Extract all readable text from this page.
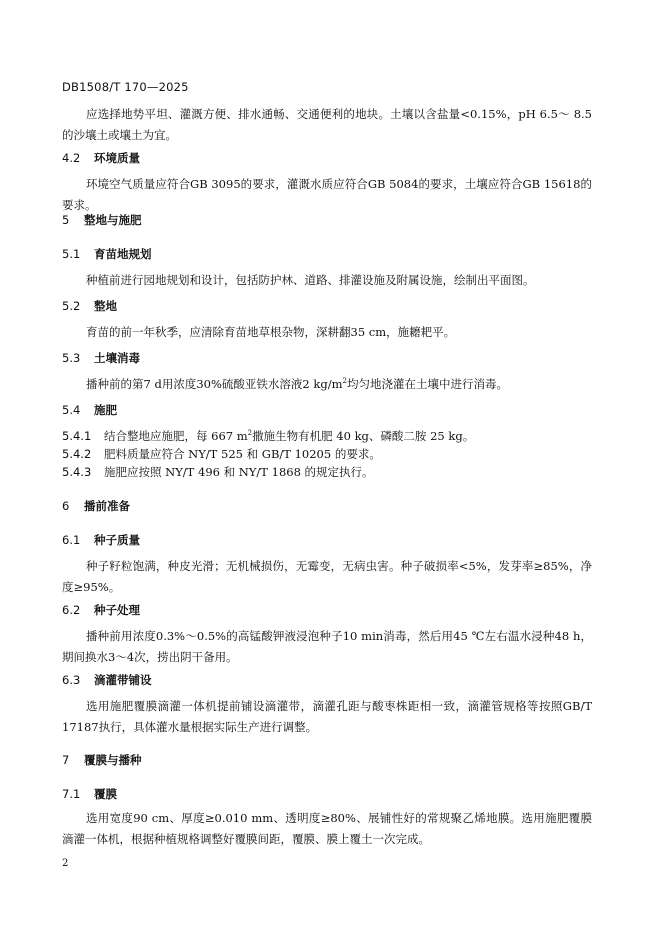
DB1508/T 170—2025
应选择地势平坦、灌溉方便、排水通畅、交通便利的地块。土壤以含盐量<0.15%，pH 6.5～ 8.5的沙壤土或壤土为宜。
4.2 环境质量
环境空气质量应符合GB 3095的要求，灌溉水质应符合GB 5084的要求，土壤应符合GB 15618的要求。
5 整地与施肥
5.1 育苗地规划
种植前进行园地规划和设计，包括防护林、道路、排灌设施及附属设施，绘制出平面图。
5.2 整地
育苗的前一年秋季，应清除育苗地草根杂物，深耕翻35 cm，施耱耙平。
5.3 土壤消毒
播种前的第7 d用浓度30%硫酸亚铁水溶液2 $kg/m^2$均匀地浇灌在土壤中进行消毒。
5.4 施肥
5.4.1 结合整地应施肥，每 667 $m^2$撒施生物有机肥 40 kg、磷酸二胺 25 kg。
5.4.2 肥料质量应符合 NY/T 525 和 GB/T 10205 的要求。
5.4.3 施肥应按照 NY/T 496 和 NY/T 1868 的规定执行。
6 播前准备
6.1 种子质量
种子籽粒饱满，种皮光滑；无机械损伤，无霉变，无病虫害。种子破损率<5%，发芽率≥85%，净度≥95%。
6.2 种子处理
播种前用浓度0.3%～0.5%的高锰酸钾液浸泡种子10 min消毒，然后用45 ℃左右温水浸种48 h，期间换水3～4次，捞出阴干备用。
6.3 滴灌带铺设
选用施肥覆膜滴灌一体机提前铺设滴灌带，滴灌孔距与酸枣株距相一致，滴灌管规格等按照GB/T 17187执行，具体灌水量根据实际生产进行调整。
7 覆膜与播种
7.1 覆膜
选用宽度90 cm、厚度≥0.010 mm、透明度≥80%、展铺性好的常规聚乙烯地膜。选用施肥覆膜滴灌一体机，根据种植规格调整好覆膜间距，覆膜、膜上覆土一次完成。
2
